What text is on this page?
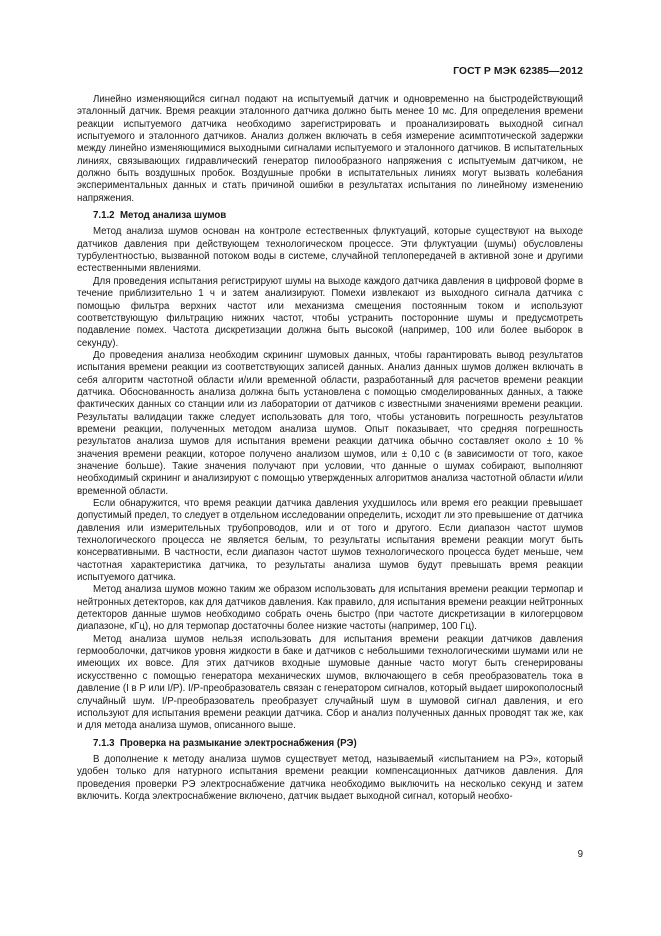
ГОСТ Р МЭК 62385—2012

Линейно изменяющийся сигнал подают на испытуемый датчик и одновременно на быстродействующий эталонный датчик. Время реакции эталонного датчика должно быть менее 10 мс. Для определения времени реакции испытуемого датчика необходимо зарегистрировать и проанализировать выходной сигнал испытуемого и эталонного датчиков. Анализ должен включать в себя измерение асимптотической задержки между линейно изменяющимися выходными сигналами испытуемого и эталонного датчиков. В испытательных линиях, связывающих гидравлический генератор пилообразного напряжения с испытуемым датчиком, не должно быть воздушных пробок. Воздушные пробки в испытательных линиях могут вызвать колебания экспериментальных данных и стать причиной ошибки в результатах испытания по линейному изменению напряжения.

7.1.2 Метод анализа шумов

Метод анализа шумов основан на контроле естественных флуктуаций, которые существуют на выходе датчиков давления при действующем технологическом процессе. Эти флуктуации (шумы) обусловлены турбулентностью, вызванной потоком воды в системе, случайной теплопередачей в активной зоне и другими естественными явлениями.

Для проведения испытания регистрируют шумы на выходе каждого датчика давления в цифровой форме в течение приблизительно 1 ч и затем анализируют. Помехи извлекают из выходного сигнала датчика с помощью фильтра верхних частот или механизма смещения постоянным током и используют соответствующую фильтрацию нижних частот, чтобы устранить посторонние шумы и предусмотреть подавление помех. Частота дискретизации должна быть высокой (например, 100 или более выборок в секунду).

До проведения анализа необходим скрининг шумовых данных, чтобы гарантировать вывод результатов испытания времени реакции из соответствующих записей данных. Анализ данных шумов должен включать в себя алгоритм частотной области и/или временной области, разработанный для расчетов времени реакции датчика. Обоснованность анализа должна быть установлена с помощью смоделированных данных, а также фактических данных со станции или из лаборатории от датчиков с известными значениями времени реакции. Результаты валидации также следует использовать для того, чтобы установить погрешность результатов времени реакции, полученных методом анализа шумов. Опыт показывает, что средняя погрешность результатов анализа шумов для испытания времени реакции датчика обычно составляет около ± 10 % значения времени реакции, которое получено анализом шумов, или ± 0,10 с (в зависимости от того, какое значение больше). Такие значения получают при условии, что данные о шумах собирают, выполняют необходимый скрининг и анализируют с помощью утвержденных алгоритмов анализа частотной области и/или временной области.

Если обнаружится, что время реакции датчика давления ухудшилось или время его реакции превышает допустимый предел, то следует в отдельном исследовании определить, исходит ли это превышение от датчика давления или измерительных трубопроводов, или и от того и другого. Если диапазон частот шумов технологического процесса не является белым, то результаты испытания времени реакции могут быть консервативными. В частности, если диапазон частот шумов технологического процесса будет меньше, чем частотная характеристика датчика, то результаты анализа шумов будут превышать время реакции испытуемого датчика.

Метод анализа шумов можно таким же образом использовать для испытания времени реакции термопар и нейтронных детекторов, как для датчиков давления. Как правило, для испытания времени реакции нейтронных детекторов данные шумов необходимо собрать очень быстро (при частоте дискретизации в килогерцовом диапазоне, кГц), но для термопар достаточны более низкие частоты (например, 100 Гц).

Метод анализа шумов нельзя использовать для испытания времени реакции датчиков давления гермооболочки, датчиков уровня жидкости в баке и датчиков с небольшими технологическими шумами или не имеющих их вовсе. Для этих датчиков входные шумовые данные часто могут быть сгенерированы искусственно с помощью генератора механических шумов, включающего в себя преобразователь тока в давление (I в P или I/P). I/P-преобразователь связан с генератором сигналов, который выдает широкополосный случайный шум. I/P-преобразователь преобразует случайный шум в шумовой сигнал давления, и его используют для испытания времени реакции датчика. Сбор и анализ полученных данных проводят так же, как и для метода анализа шумов, описанного выше.

7.1.3 Проверка на размыкание электроснабжения (РЭ)

В дополнение к методу анализа шумов существует метод, называемый «испытанием на РЭ», который удобен только для натурного испытания времени реакции компенсационных датчиков давления. Для проведения проверки РЭ электроснабжение датчика необходимо выключить на несколько секунд и затем включить. Когда электроснабжение включено, датчик выдает выходной сигнал, который необхо-

9
